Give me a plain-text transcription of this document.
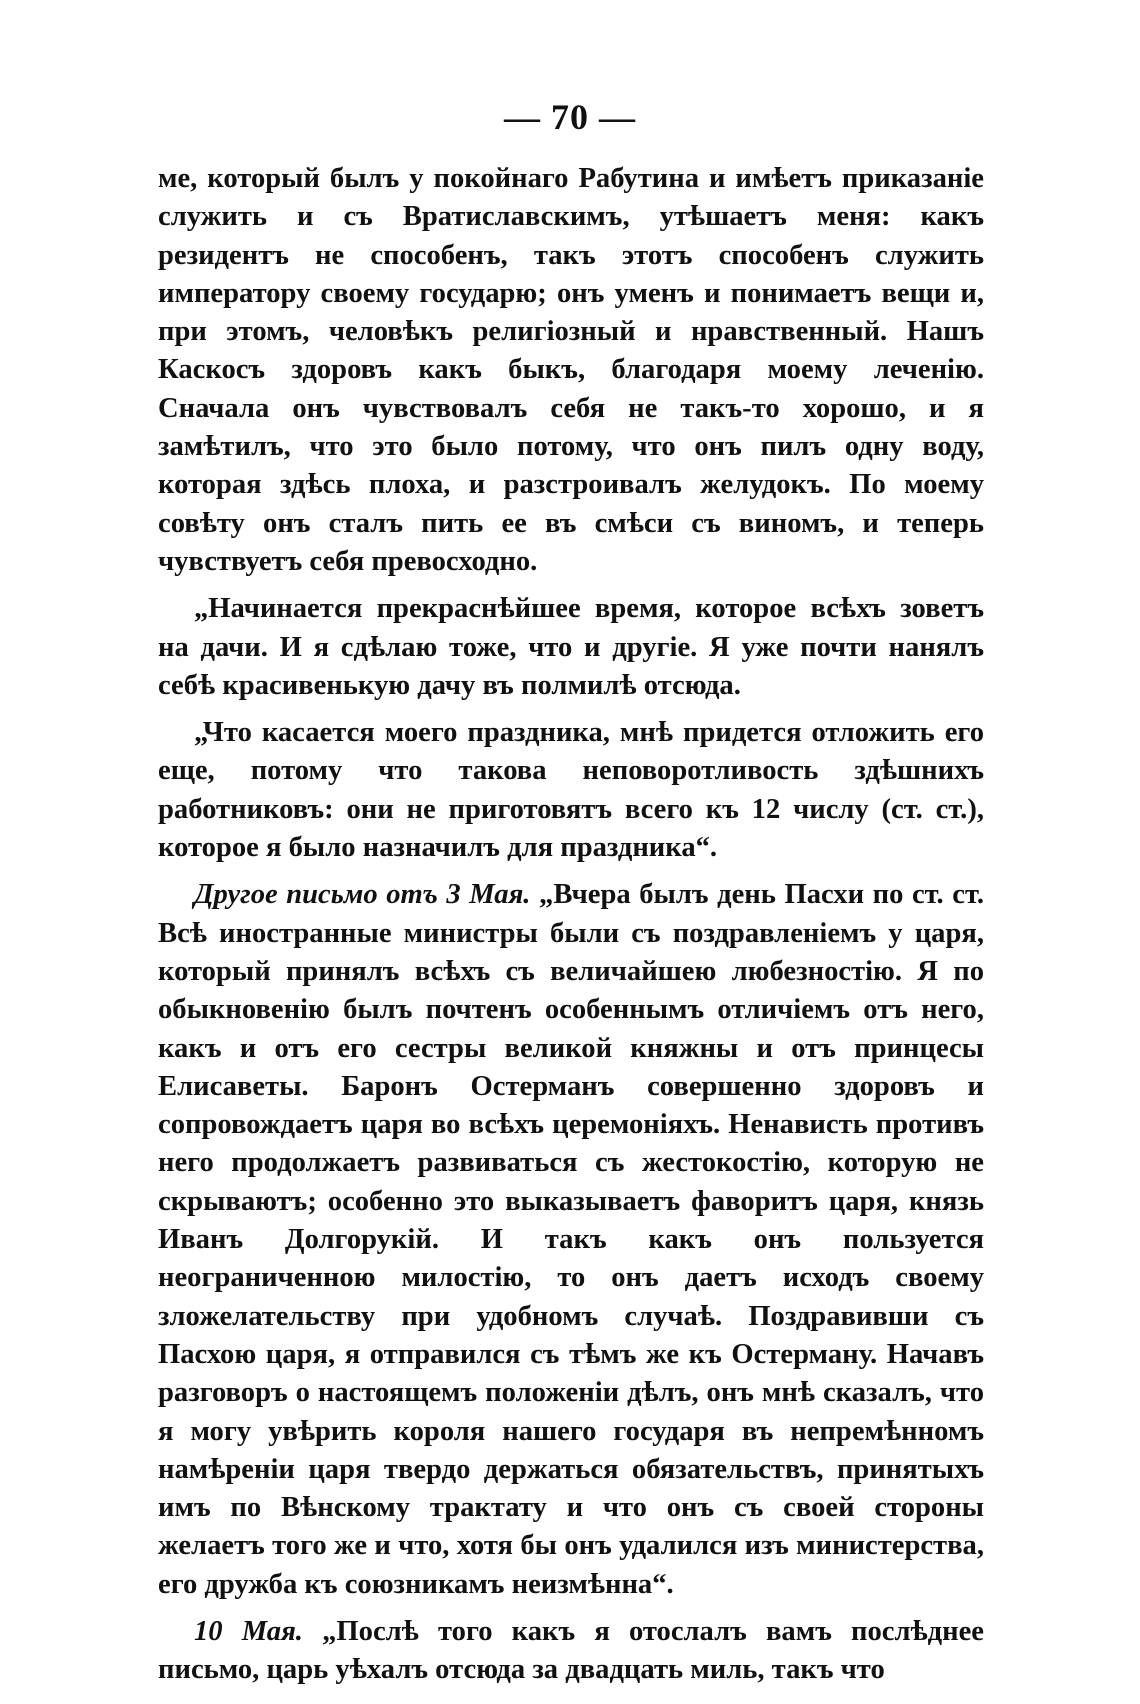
— 70 —

ме, который былъ у покойнаго Рабутина и имѣетъ приказаніе служить и съ Вратиславскимъ, утѣшаетъ меня: какъ резидентъ не способенъ, такъ этотъ способенъ служить императору своему государю; онъ уменъ и понимаетъ вещи и, при этомъ, человѣкъ религіозный и нравственный. Нашъ Каскосъ здоровъ какъ быкъ, благодаря моему леченію. Сначала онъ чувствовалъ себя не такъ-то хорошо, и я замѣтилъ, что это было потому, что онъ пилъ одну воду, которая здѣсь плоха, и разстроивалъ желудокъ. По моему совѣту онъ сталъ пить ее въ смѣси съ виномъ, и теперь чувствуетъ себя превосходно.

„Начинается прекраснѣйшее время, которое всѣхъ зоветъ на дачи. И я сдѣлаю тоже, что и другіе. Я уже почти нанялъ себѣ красивенькую дачу въ полмилѣ отсюда.

„Что касается моего праздника, мнѣ придется отложить его еще, потому что такова неповоротливость здѣшнихъ работниковъ: они не приготовятъ всего къ 12 числу (ст. ст.), которое я было назначилъ для праздника“.

Другое письмо отъ 3 Мая. „Вчера былъ день Пасхи по ст. ст. Всѣ иностранные министры были съ поздравленіемъ у царя, который принялъ всѣхъ съ величайшею любезностію. Я по обыкновенію былъ почтенъ особеннымъ отличіемъ отъ него, какъ и отъ его сестры великой княжны и отъ принцесы Елисаветы. Баронъ Остерманъ совершенно здоровъ и сопровождаетъ царя во всѣхъ церемоніяхъ. Ненависть противъ него продолжаетъ развиваться съ жестокостію, которую не скрываютъ; особенно это выказываетъ фаворитъ царя, князь Иванъ Долгорукій. И такъ какъ онъ пользуется неограниченною милостію, то онъ даетъ исходъ своему зложелательству при удобномъ случаѣ. Поздравивши съ Пасхою царя, я отправился съ тѣмъ же къ Остерману. Начавъ разговоръ о настоящемъ положеніи дѣлъ, онъ мнѣ сказалъ, что я могу увѣрить короля нашего государя въ непремѣнномъ намѣреніи царя твердо держаться обязательствъ, принятыхъ имъ по Вѣнскому трактату и что онъ съ своей стороны желаетъ того же и что, хотя бы онъ удалился изъ министерства, его дружба къ союзникамъ неизмѣнна“.

10 Мая. „Послѣ того какъ я отослалъ вамъ послѣднее письмо, царь уѣхалъ отсюда за двадцать миль, такъ что
